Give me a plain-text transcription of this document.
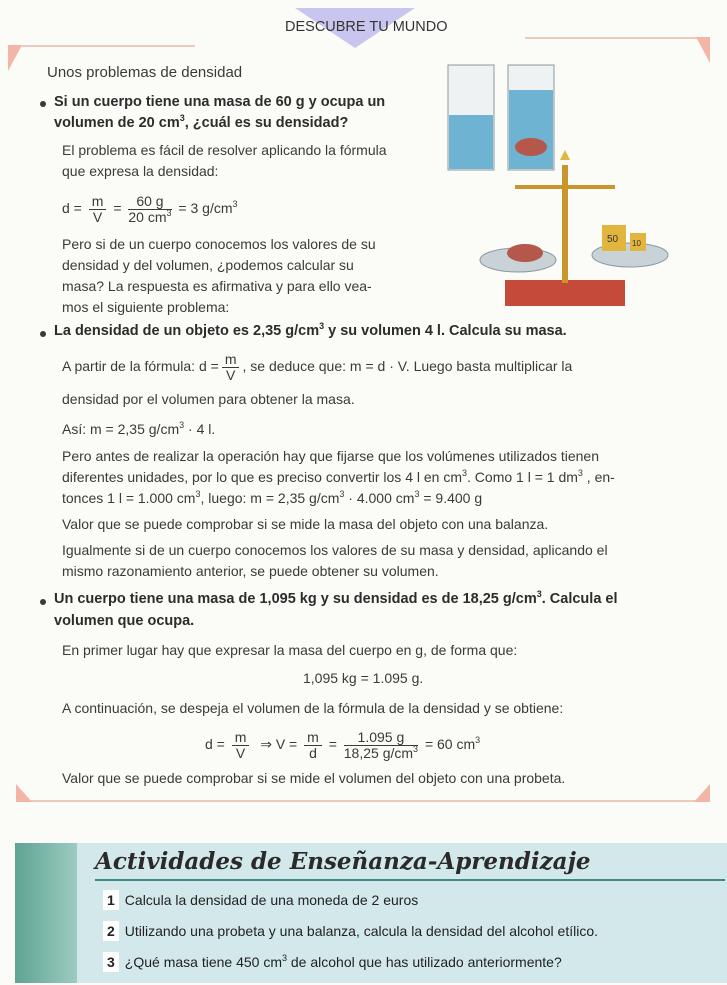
DESCUBRE TU MUNDO
Unos problemas de densidad
Si un cuerpo tiene una masa de 60 g y ocupa un
volumen de 20 $cm^3$, ¿cuál es su densidad?
El problema es fácil de resolver aplicando la fórmula
que expresa la densidad:
$d = \frac{m}{V} = \frac{60 g}{20 cm^3} = 3$ $g/cm^3$
Pero si de un cuerpo conocemos los valores de su
densidad y del volumen, ¿podemos calcular su
masa? La respuesta es afirmativa y para ello vea-
mos el siguiente problema:
50 10
La densidad de un objeto es 2,35 $g/cm^3$ y su volumen 4 l. Calcula su masa.
A partir de la fórmula: $d = \frac{m}{V}$ , se deduce que: m = d · V. Luego basta multiplicar la
densidad por el volumen para obtener la masa.
Así: m = 2,35 $g/cm^3 \cdot 4$ l.
Pero antes de realizar la operación hay que fijarse que los volúmenes utilizados tienen
diferentes unidades, por lo que es preciso convertir los 4 l en $cm^3$. Como 1 l = 1 $dm^3$ , en-
tonces 1 l = 1.000 $cm^3$, luego: m = 2,35 $g/cm^3 \cdot 4.000$ $cm^3 = 9.400$ g
Valor que se puede comprobar si se mide la masa del objeto con una balanza.
Igualmente si de un cuerpo conocemos los valores de su masa y densidad, aplicando el
mismo razonamiento anterior, se puede obtener su volumen.
Un cuerpo tiene una masa de 1,095 kg y su densidad es de 18,25 $g/cm^3$. Calcula el
volumen que ocupa.
En primer lugar hay que expresar la masa del cuerpo en g, de forma que:
1,095 kg = 1.095 g.
A continuación, se despeja el volumen de la fórmula de la densidad y se obtiene:
$d = \frac{m}{V}$ ⇒ $V = \frac{m}{d} = \frac{1.095 g}{18,25 g/cm^3} = 60$ $cm^3$
Valor que se puede comprobar si se mide el volumen del objeto con una probeta.
Actividades de Enseñanza-Aprendizaje
1 Calcula la densidad de una moneda de 2 euros
2 Utilizando una probeta y una balanza, calcula la densidad del alcohol etílico.
3 ¿Qué masa tiene 450 $cm^3$ de alcohol que has utilizado anteriormente?
